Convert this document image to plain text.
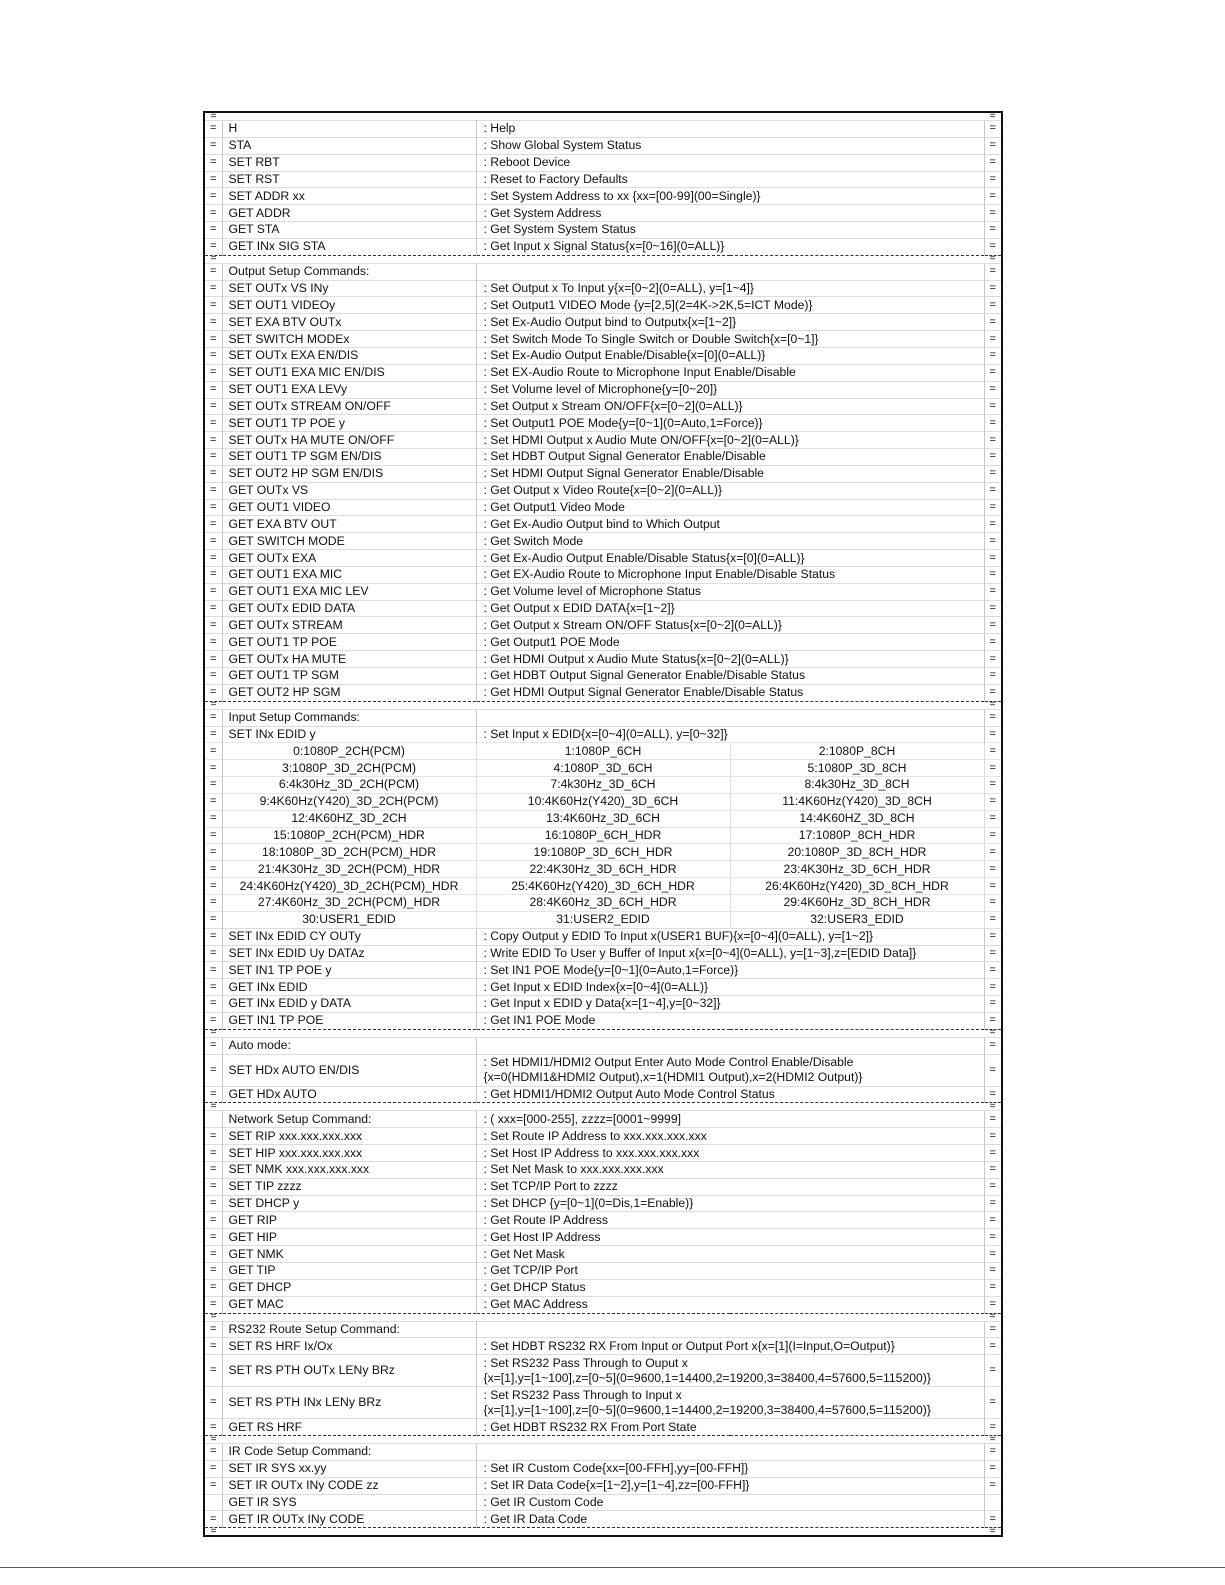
=				=
=	H	: Help		=
=	STA	: Show Global System Status		=
=	SET RBT	: Reboot Device		=
=	SET RST	: Reset to Factory Defaults		=
=	SET ADDR xx	: Set System Address to xx {xx=[00-99](00=Single)}		=
=	GET ADDR	: Get System Address		=
=	GET STA	: Get System System Status		=
=	GET INx SIG STA	: Get Input x Signal Status{x=[0~16](0=ALL)}		=
=				=
=	Output Setup Commands:			=
=	SET OUTx VS INy	: Set Output x To Input y{x=[0~2](0=ALL), y=[1~4]}		=
=	SET OUT1 VIDEOy	: Set Output1 VIDEO Mode {y=[2,5](2=4K->2K,5=ICT Mode)}		=
=	SET EXA BTV OUTx	: Set Ex-Audio Output bind to Outputx{x=[1~2]}		=
=	SET SWITCH MODEx	: Set Switch Mode To Single Switch or Double Switch{x=[0~1]}		=
=	SET OUTx EXA EN/DIS	: Set Ex-Audio Output Enable/Disable{x=[0](0=ALL)}		=
=	SET OUT1 EXA MIC EN/DIS	: Set EX-Audio Route to Microphone Input Enable/Disable		=
=	SET OUT1 EXA LEVy	: Set Volume level of Microphone{y=[0~20]}		=
=	SET OUTx STREAM ON/OFF	: Set Output x Stream ON/OFF{x=[0~2](0=ALL)}		=
=	SET OUT1 TP POE y	: Set Output1 POE Mode{y=[0~1](0=Auto,1=Force)}		=
=	SET OUTx HA MUTE ON/OFF	: Set HDMI Output x Audio Mute ON/OFF{x=[0~2](0=ALL)}		=
=	SET OUT1 TP SGM EN/DIS	: Set HDBT Output Signal Generator Enable/Disable		=
=	SET OUT2 HP SGM EN/DIS	: Set HDMI Output Signal Generator Enable/Disable		=
=	GET OUTx VS	: Get Output x Video Route{x=[0~2](0=ALL)}		=
=	GET OUT1 VIDEO	: Get Output1 Video Mode		=
=	GET EXA BTV OUT	: Get Ex-Audio Output bind to Which Output		=
=	GET SWITCH MODE	: Get Switch Mode		=
=	GET OUTx EXA	: Get Ex-Audio Output Enable/Disable Status{x=[0](0=ALL)}		=
=	GET OUT1 EXA MIC	: Get EX-Audio Route to Microphone Input Enable/Disable Status		=
=	GET OUT1 EXA MIC LEV	: Get Volume level of Microphone Status		=
=	GET OUTx EDID DATA	: Get Output x EDID DATA{x=[1~2]}		=
=	GET OUTx STREAM	: Get Output x Stream ON/OFF Status{x=[0~2](0=ALL)}		=
=	GET OUT1 TP POE	: Get Output1 POE Mode		=
=	GET OUTx HA MUTE	: Get HDMI Output x Audio Mute Status{x=[0~2](0=ALL)}		=
=	GET OUT1 TP SGM	: Get HDBT Output Signal Generator Enable/Disable Status		=
=	GET OUT2 HP SGM	: Get HDMI Output Signal Generator Enable/Disable Status		=
=				=
=	Input Setup Commands:			=
=	SET INx EDID y	: Set Input x EDID{x=[0~4](0=ALL), y=[0~32]}		=
=	0:1080P_2CH(PCM)	1:1080P_6CH	2:1080P_8CH	=
=	3:1080P_3D_2CH(PCM)	4:1080P_3D_6CH	5:1080P_3D_8CH	=
=	6:4k30Hz_3D_2CH(PCM)	7:4k30Hz_3D_6CH	8:4k30Hz_3D_8CH	=
=	9:4K60Hz(Y420)_3D_2CH(PCM)	10:4K60Hz(Y420)_3D_6CH	11:4K60Hz(Y420)_3D_8CH	=
=	12:4K60HZ_3D_2CH	13:4K60Hz_3D_6CH	14:4K60HZ_3D_8CH	=
=	15:1080P_2CH(PCM)_HDR	16:1080P_6CH_HDR	17:1080P_8CH_HDR	=
=	18:1080P_3D_2CH(PCM)_HDR	19:1080P_3D_6CH_HDR	20:1080P_3D_8CH_HDR	=
=	21:4K30Hz_3D_2CH(PCM)_HDR	22:4K30Hz_3D_6CH_HDR	23:4K30Hz_3D_6CH_HDR	=
=	24:4K60Hz(Y420)_3D_2CH(PCM)_HDR	25:4K60Hz(Y420)_3D_6CH_HDR	26:4K60Hz(Y420)_3D_8CH_HDR	=
=	27:4K60Hz_3D_2CH(PCM)_HDR	28:4K60Hz_3D_6CH_HDR	29:4K60Hz_3D_8CH_HDR	=
=	30:USER1_EDID	31:USER2_EDID	32:USER3_EDID	=
=	SET INx EDID CY OUTy	: Copy Output y EDID To Input x(USER1 BUF){x=[0~4](0=ALL), y=[1~2]}		=
=	SET INx EDID Uy DATAz	: Write EDID To User y Buffer of Input x{x=[0~4](0=ALL), y=[1~3],z=[EDID Data]}		=
=	SET IN1 TP POE y	: Set IN1 POE Mode{y=[0~1](0=Auto,1=Force)}		=
=	GET INx EDID	: Get Input x EDID Index{x=[0~4](0=ALL)}		=
=	GET INx EDID y DATA	: Get Input x EDID y Data{x=[1~4],y=[0~32]}		=
=	GET IN1 TP POE	: Get IN1 POE Mode		=
=				=
=	Auto mode:			=
=	SET HDx AUTO EN/DIS	: Set HDMI1/HDMI2 Output Enter Auto Mode Control Enable/Disable
{x=0(HDMI1&HDMI2 Output),x=1(HDMI1 Output),x=2(HDMI2 Output)}		=
=	GET HDx AUTO	: Get HDMI1/HDMI2 Output Auto Mode Control Status		=
=				=
	Network Setup Command:	: ( xxx=[000-255], zzzz=[0001~9999]		=
=	SET RIP xxx.xxx.xxx.xxx	: Set Route IP Address to xxx.xxx.xxx.xxx		=
=	SET HIP xxx.xxx.xxx.xxx	: Set Host IP Address to xxx.xxx.xxx.xxx		=
=	SET NMK xxx.xxx.xxx.xxx	: Set Net Mask to xxx.xxx.xxx.xxx		=
=	SET TIP zzzz	: Set TCP/IP Port to zzzz		=
=	SET DHCP y	: Set DHCP {y=[0~1](0=Dis,1=Enable)}		=
=	GET RIP	: Get Route IP Address		=
=	GET HIP	: Get Host IP Address		=
=	GET NMK	: Get Net Mask		=
=	GET TIP	: Get TCP/IP Port		=
=	GET DHCP	: Get DHCP Status		=
=	GET MAC	: Get MAC Address		=
=				=
=	RS232 Route Setup Command:			=
=	SET RS HRF Ix/Ox	: Set HDBT RS232 RX From Input or Output Port x{x=[1](I=Input,O=Output)}		=
=	SET RS PTH OUTx LENy BRz	: Set RS232 Pass Through to Ouput x
{x=[1],y=[1~100],z=[0~5](0=9600,1=14400,2=19200,3=38400,4=57600,5=115200)}		=
=	SET RS PTH INx LENy BRz	: Set RS232 Pass Through to Input x
{x=[1],y=[1~100],z=[0~5](0=9600,1=14400,2=19200,3=38400,4=57600,5=115200)}		=
=	GET RS HRF	: Get HDBT RS232 RX From Port State		=
=				=
=	IR Code Setup Command:			=
=	SET IR SYS xx.yy	: Set IR Custom Code{xx=[00-FFH],yy=[00-FFH]}		=
=	SET IR OUTx INy CODE zz	: Set IR Data Code{x=[1~2],y=[1~4],zz=[00-FFH]}		=
	GET IR SYS	: Get IR Custom Code		
=	GET IR OUTx INy CODE	: Get IR Data Code		=
=				=
